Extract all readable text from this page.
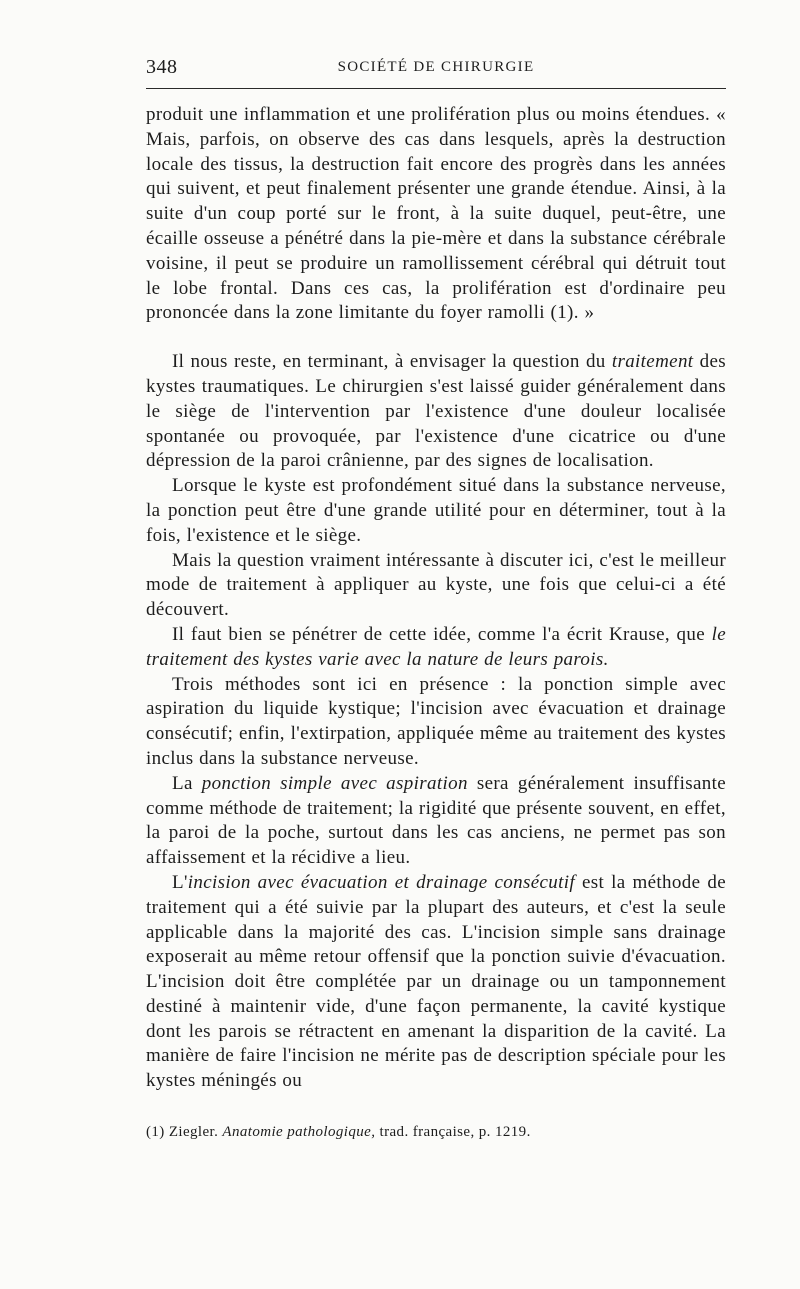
348	SOCIÉTÉ DE CHIRURGIE

produit une inflammation et une prolifération plus ou moins étendues. « Mais, parfois, on observe des cas dans lesquels, après la destruction locale des tissus, la destruction fait encore des progrès dans les années qui suivent, et peut finalement présenter une grande étendue. Ainsi, à la suite d'un coup porté sur le front, à la suite duquel, peut-être, une écaille osseuse a pénétré dans la pie-mère et dans la substance cérébrale voisine, il peut se produire un ramollissement cérébral qui détruit tout le lobe frontal. Dans ces cas, la prolifération est d'ordinaire peu prononcée dans la zone limitante du foyer ramolli (1). »

Il nous reste, en terminant, à envisager la question du traitement des kystes traumatiques. Le chirurgien s'est laissé guider généralement dans le siège de l'intervention par l'existence d'une douleur localisée spontanée ou provoquée, par l'existence d'une cicatrice ou d'une dépression de la paroi crânienne, par des signes de localisation.

Lorsque le kyste est profondément situé dans la substance nerveuse, la ponction peut être d'une grande utilité pour en déterminer, tout à la fois, l'existence et le siège.

Mais la question vraiment intéressante à discuter ici, c'est le meilleur mode de traitement à appliquer au kyste, une fois que celui-ci a été découvert.

Il faut bien se pénétrer de cette idée, comme l'a écrit Krause, que le traitement des kystes varie avec la nature de leurs parois.

Trois méthodes sont ici en présence : la ponction simple avec aspiration du liquide kystique; l'incision avec évacuation et drainage consécutif; enfin, l'extirpation, appliquée même au traitement des kystes inclus dans la substance nerveuse.

La ponction simple avec aspiration sera généralement insuffisante comme méthode de traitement; la rigidité que présente souvent, en effet, la paroi de la poche, surtout dans les cas anciens, ne permet pas son affaissement et la récidive a lieu.

L'incision avec évacuation et drainage consécutif est la méthode de traitement qui a été suivie par la plupart des auteurs, et c'est la seule applicable dans la majorité des cas. L'incision simple sans drainage exposerait au même retour offensif que la ponction suivie d'évacuation. L'incision doit être complétée par un drainage ou un tamponnement destiné à maintenir vide, d'une façon permanente, la cavité kystique dont les parois se rétractent en amenant la disparition de la cavité. La manière de faire l'incision ne mérite pas de description spéciale pour les kystes méningés ou

(1) Ziegler. Anatomie pathologique, trad. française, p. 1219.
